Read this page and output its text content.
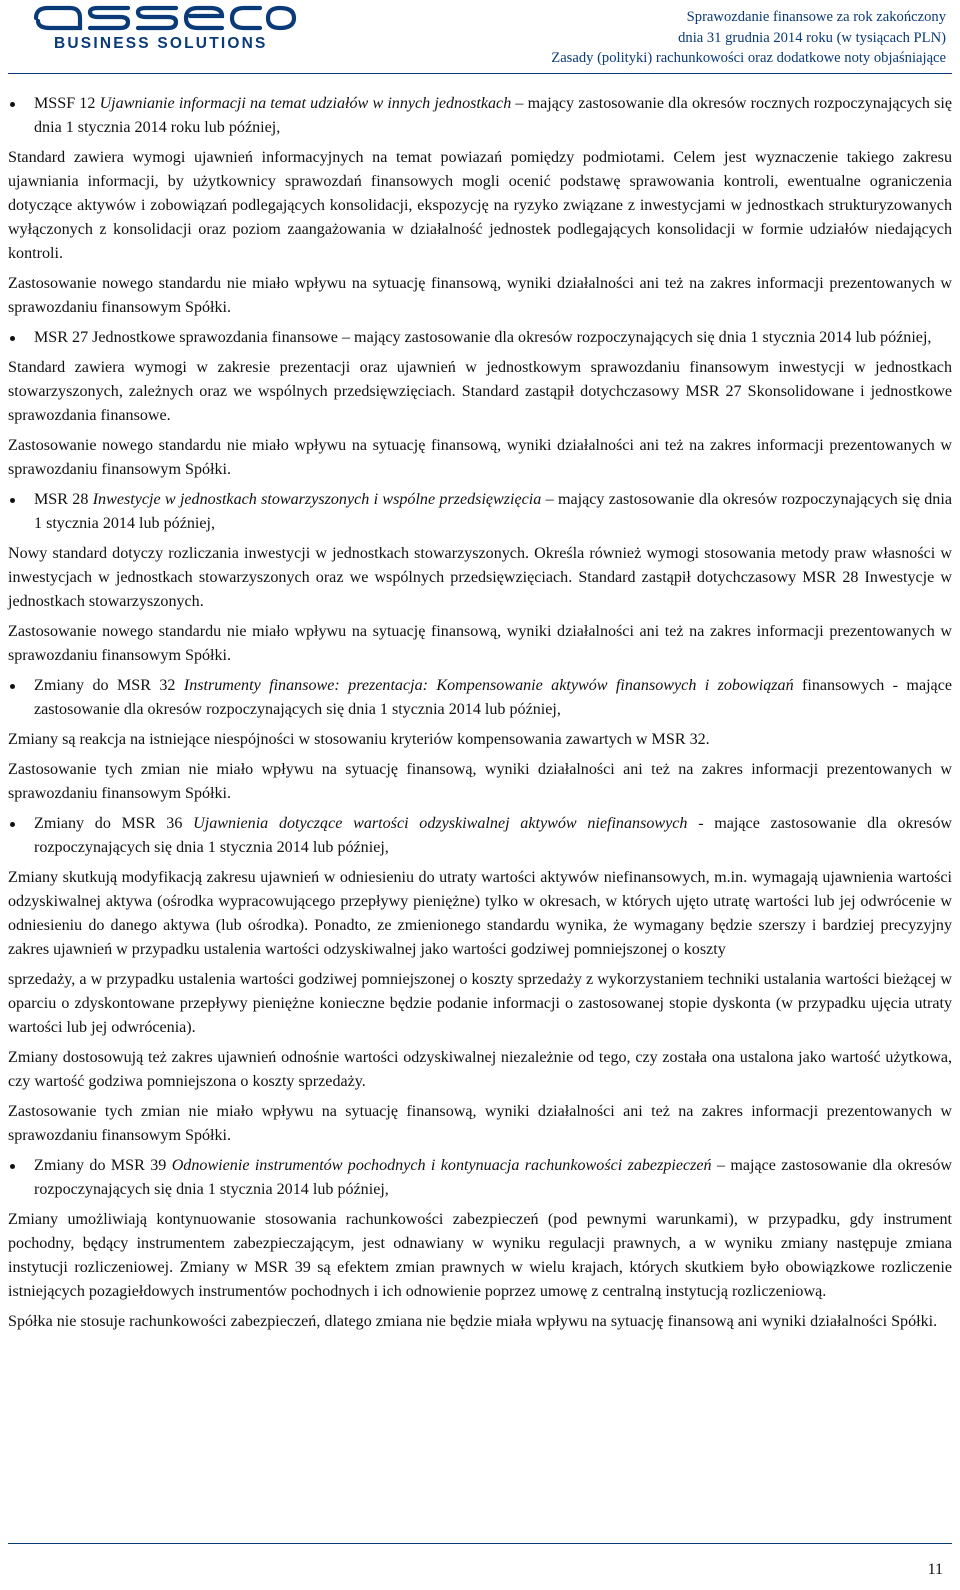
BUSINESS SOLUTIONS
Sprawozdanie finansowe za rok zakończony
dnia 31 grudnia 2014 roku (w tysiącach PLN)
Zasady (polityki) rachunkowości oraz dodatkowe noty objaśniające
MSSF 12 Ujawnianie informacji na temat udziałów w innych jednostkach – mający zastosowanie dla okresów rocznych rozpoczynających się dnia 1 stycznia 2014 roku lub później,
Standard zawiera wymogi ujawnień informacyjnych na temat powiazań pomiędzy podmiotami. Celem jest wyznaczenie takiego zakresu ujawniania informacji, by użytkownicy sprawozdań finansowych mogli ocenić podstawę sprawowania kontroli, ewentualne ograniczenia dotyczące aktywów i zobowiązań podlegających konsolidacji, ekspozycję na ryzyko związane z inwestycjami w jednostkach strukturyzowanych wyłączonych z konsolidacji oraz poziom zaangażowania w działalność jednostek podlegających konsolidacji w formie udziałów niedających kontroli.
Zastosowanie nowego standardu nie miało wpływu na sytuację finansową, wyniki działalności ani też na zakres informacji prezentowanych w sprawozdaniu finansowym Spółki.
MSR 27 Jednostkowe sprawozdania finansowe – mający zastosowanie dla okresów rozpoczynających się dnia 1 stycznia 2014 lub później,
Standard zawiera wymogi w zakresie prezentacji oraz ujawnień w jednostkowym sprawozdaniu finansowym inwestycji w jednostkach stowarzyszonych, zależnych oraz we wspólnych przedsięwzięciach. Standard zastąpił dotychczasowy MSR 27 Skonsolidowane i jednostkowe sprawozdania finansowe.
Zastosowanie nowego standardu nie miało wpływu na sytuację finansową, wyniki działalności ani też na zakres informacji prezentowanych w sprawozdaniu finansowym Spółki.
MSR 28 Inwestycje w jednostkach stowarzyszonych i wspólne przedsięwzięcia – mający zastosowanie dla okresów rozpoczynających się dnia 1 stycznia 2014 lub później,
Nowy standard dotyczy rozliczania inwestycji w jednostkach stowarzyszonych. Określa również wymogi stosowania metody praw własności w inwestycjach w jednostkach stowarzyszonych oraz we wspólnych przedsięwzięciach. Standard zastąpił dotychczasowy MSR 28 Inwestycje w jednostkach stowarzyszonych.
Zastosowanie nowego standardu nie miało wpływu na sytuację finansową, wyniki działalności ani też na zakres informacji prezentowanych w sprawozdaniu finansowym Spółki.
Zmiany do MSR 32 Instrumenty finansowe: prezentacja: Kompensowanie aktywów finansowych i zobowiązań finansowych - mające zastosowanie dla okresów rozpoczynających się dnia 1 stycznia 2014 lub później,
Zmiany są reakcja na istniejące niespójności w stosowaniu kryteriów kompensowania zawartych w MSR 32.
Zastosowanie tych zmian nie miało wpływu na sytuację finansową, wyniki działalności ani też na zakres informacji prezentowanych w sprawozdaniu finansowym Spółki.
Zmiany do MSR 36 Ujawnienia dotyczące wartości odzyskiwalnej aktywów niefinansowych - mające zastosowanie dla okresów rozpoczynających się dnia 1 stycznia 2014 lub później,
Zmiany skutkują modyfikacją zakresu ujawnień w odniesieniu do utraty wartości aktywów niefinansowych, m.in. wymagają ujawnienia wartości odzyskiwalnej aktywa (ośrodka wypracowującego przepływy pieniężne) tylko w okresach, w których ujęto utratę wartości lub jej odwrócenie w odniesieniu do danego aktywa (lub ośrodka). Ponadto, ze zmienionego standardu wynika, że wymagany będzie szerszy i bardziej precyzyjny zakres ujawnień w przypadku ustalenia wartości odzyskiwalnej jako wartości godziwej pomniejszonej o koszty
sprzedaży, a w przypadku ustalenia wartości godziwej pomniejszonej o koszty sprzedaży z wykorzystaniem techniki ustalania wartości bieżącej w oparciu o zdyskontowane przepływy pieniężne konieczne będzie podanie informacji o zastosowanej stopie dyskonta (w przypadku ujęcia utraty wartości lub jej odwrócenia).
Zmiany dostosowują też zakres ujawnień odnośnie wartości odzyskiwalnej niezależnie od tego, czy została ona ustalona jako wartość użytkowa, czy wartość godziwa pomniejszona o koszty sprzedaży.
Zastosowanie tych zmian nie miało wpływu na sytuację finansową, wyniki działalności ani też na zakres informacji prezentowanych w sprawozdaniu finansowym Spółki.
Zmiany do MSR 39 Odnowienie instrumentów pochodnych i kontynuacja rachunkowości zabezpieczeń – mające zastosowanie dla okresów rozpoczynających się dnia 1 stycznia 2014 lub później,
Zmiany umożliwiają kontynuowanie stosowania rachunkowości zabezpieczeń (pod pewnymi warunkami), w przypadku, gdy instrument pochodny, będący instrumentem zabezpieczającym, jest odnawiany w wyniku regulacji prawnych, a w wyniku zmiany następuje zmiana instytucji rozliczeniowej. Zmiany w MSR 39 są efektem zmian prawnych w wielu krajach, których skutkiem było obowiązkowe rozliczenie istniejących pozagiełdowych instrumentów pochodnych i ich odnowienie poprzez umowę z centralną instytucją rozliczeniową.
Spółka nie stosuje rachunkowości zabezpieczeń, dlatego zmiana nie będzie miała wpływu na sytuację finansową ani wyniki działalności Spółki.
11
